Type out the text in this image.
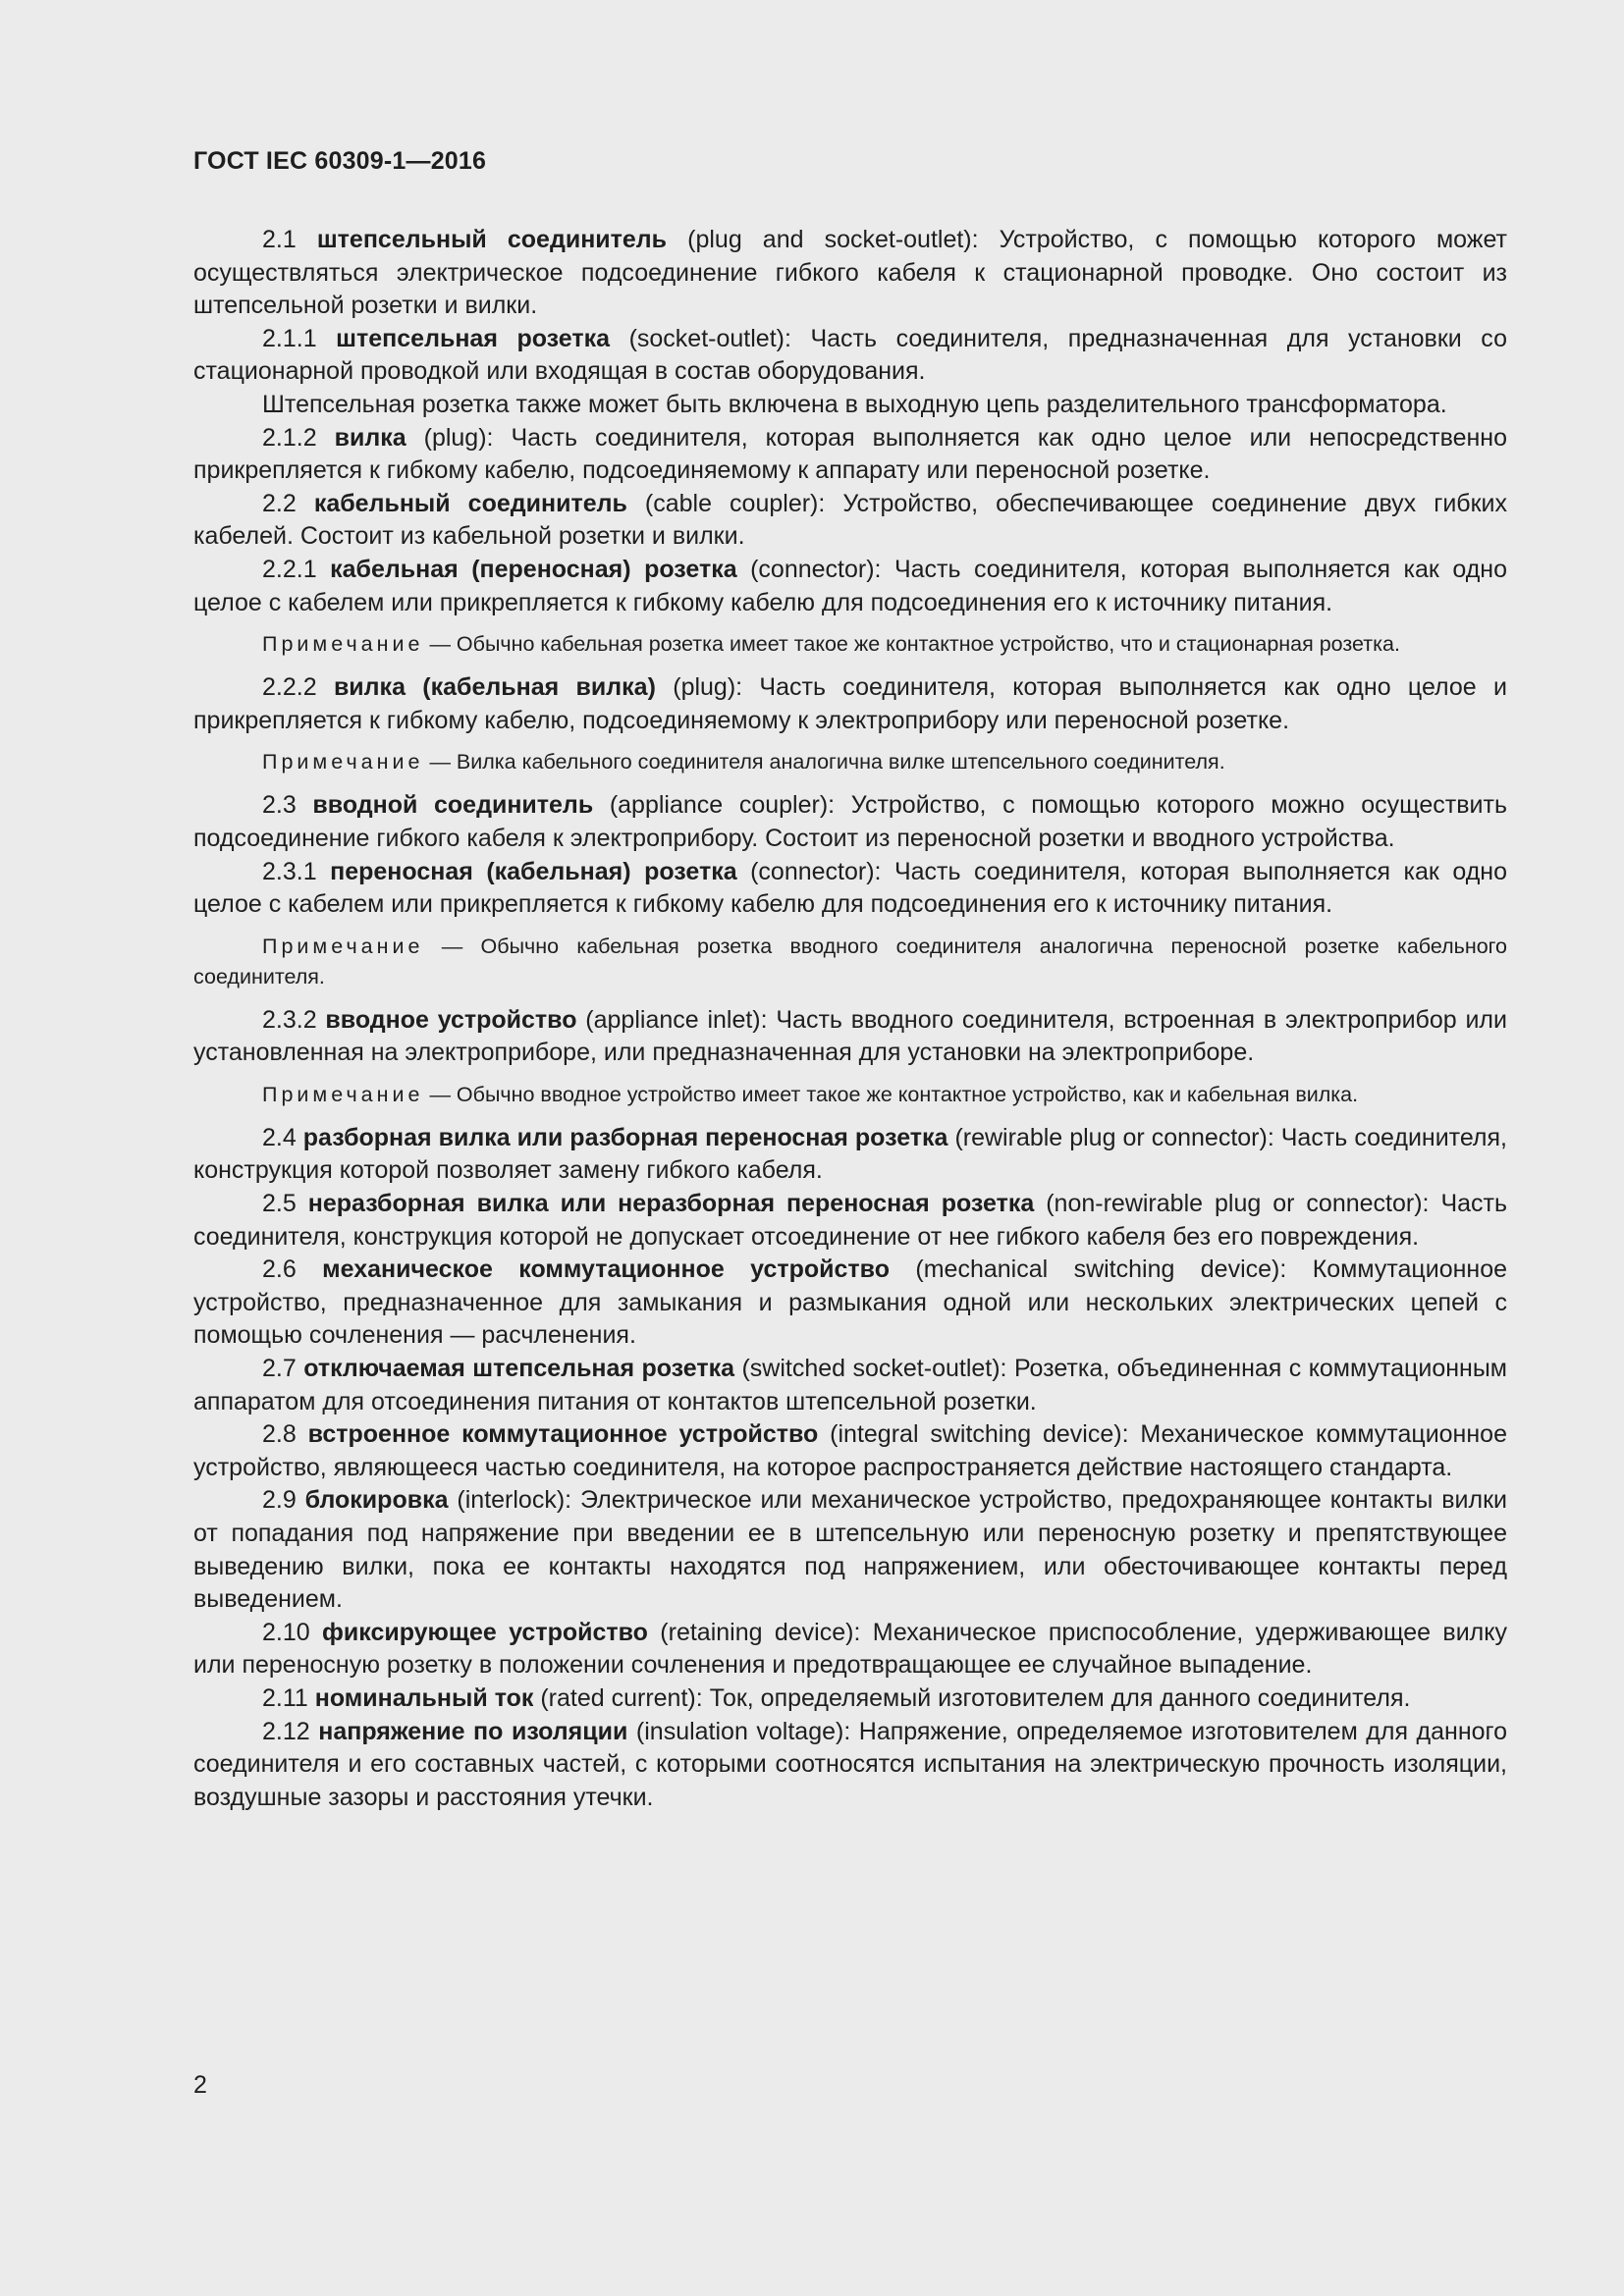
ГОСТ IEC 60309-1—2016

2.1 штепсельный соединитель (plug and socket-outlet): Устройство, с помощью которого может осуществляться электрическое подсоединение гибкого кабеля к стационарной проводке. Оно состоит из штепсельной розетки и вилки.

2.1.1 штепсельная розетка (socket-outlet): Часть соединителя, предназначенная для установки со стационарной проводкой или входящая в состав оборудования.

Штепсельная розетка также может быть включена в выходную цепь разделительного трансформатора.

2.1.2 вилка (plug): Часть соединителя, которая выполняется как одно целое или непосредственно прикрепляется к гибкому кабелю, подсоединяемому к аппарату или переносной розетке.

2.2 кабельный соединитель (cable coupler): Устройство, обеспечивающее соединение двух гибких кабелей. Состоит из кабельной розетки и вилки.

2.2.1 кабельная (переносная) розетка (connector): Часть соединителя, которая выполняется как одно целое с кабелем или прикрепляется к гибкому кабелю для подсоединения его к источнику питания.

Примечание — Обычно кабельная розетка имеет такое же контактное устройство, что и стационарная розетка.

2.2.2 вилка (кабельная вилка) (plug): Часть соединителя, которая выполняется как одно целое и прикрепляется к гибкому кабелю, подсоединяемому к электроприбору или переносной розетке.

Примечание — Вилка кабельного соединителя аналогична вилке штепсельного соединителя.

2.3 вводной соединитель (appliance coupler): Устройство, с помощью которого можно осуществить подсоединение гибкого кабеля к электроприбору. Состоит из переносной розетки и вводного устройства.

2.3.1 переносная (кабельная) розетка (connector): Часть соединителя, которая выполняется как одно целое с кабелем или прикрепляется к гибкому кабелю для подсоединения его к источнику питания.

Примечание — Обычно кабельная розетка вводного соединителя аналогична переносной розетке кабельного соединителя.

2.3.2 вводное устройство (appliance inlet): Часть вводного соединителя, встроенная в электроприбор или установленная на электроприборе, или предназначенная для установки на электроприборе.

Примечание — Обычно вводное устройство имеет такое же контактное устройство, как и кабельная вилка.

2.4 разборная вилка или разборная переносная розетка (rewirable plug or connector): Часть соединителя, конструкция которой позволяет замену гибкого кабеля.

2.5 неразборная вилка или неразборная переносная розетка (non-rewirable plug or connector): Часть соединителя, конструкция которой не допускает отсоединение от нее гибкого кабеля без его повреждения.

2.6 механическое коммутационное устройство (mechanical switching device): Коммутационное устройство, предназначенное для замыкания и размыкания одной или нескольких электрических цепей с помощью сочленения — расчленения.

2.7 отключаемая штепсельная розетка (switched socket-outlet): Розетка, объединенная с коммутационным аппаратом для отсоединения питания от контактов штепсельной розетки.

2.8 встроенное коммутационное устройство (integral switching device): Механическое коммутационное устройство, являющееся частью соединителя, на которое распространяется действие настоящего стандарта.

2.9 блокировка (interlock): Электрическое или механическое устройство, предохраняющее контакты вилки от попадания под напряжение при введении ее в штепсельную или переносную розетку и препятствующее выведению вилки, пока ее контакты находятся под напряжением, или обесточивающее контакты перед выведением.

2.10 фиксирующее устройство (retaining device): Механическое приспособление, удерживающее вилку или переносную розетку в положении сочленения и предотвращающее ее случайное выпадение.

2.11 номинальный ток (rated current): Ток, определяемый изготовителем для данного соединителя.

2.12 напряжение по изоляции (insulation voltage): Напряжение, определяемое изготовителем для данного соединителя и его составных частей, с которыми соотносятся испытания на электрическую прочность изоляции, воздушные зазоры и расстояния утечки.

2
